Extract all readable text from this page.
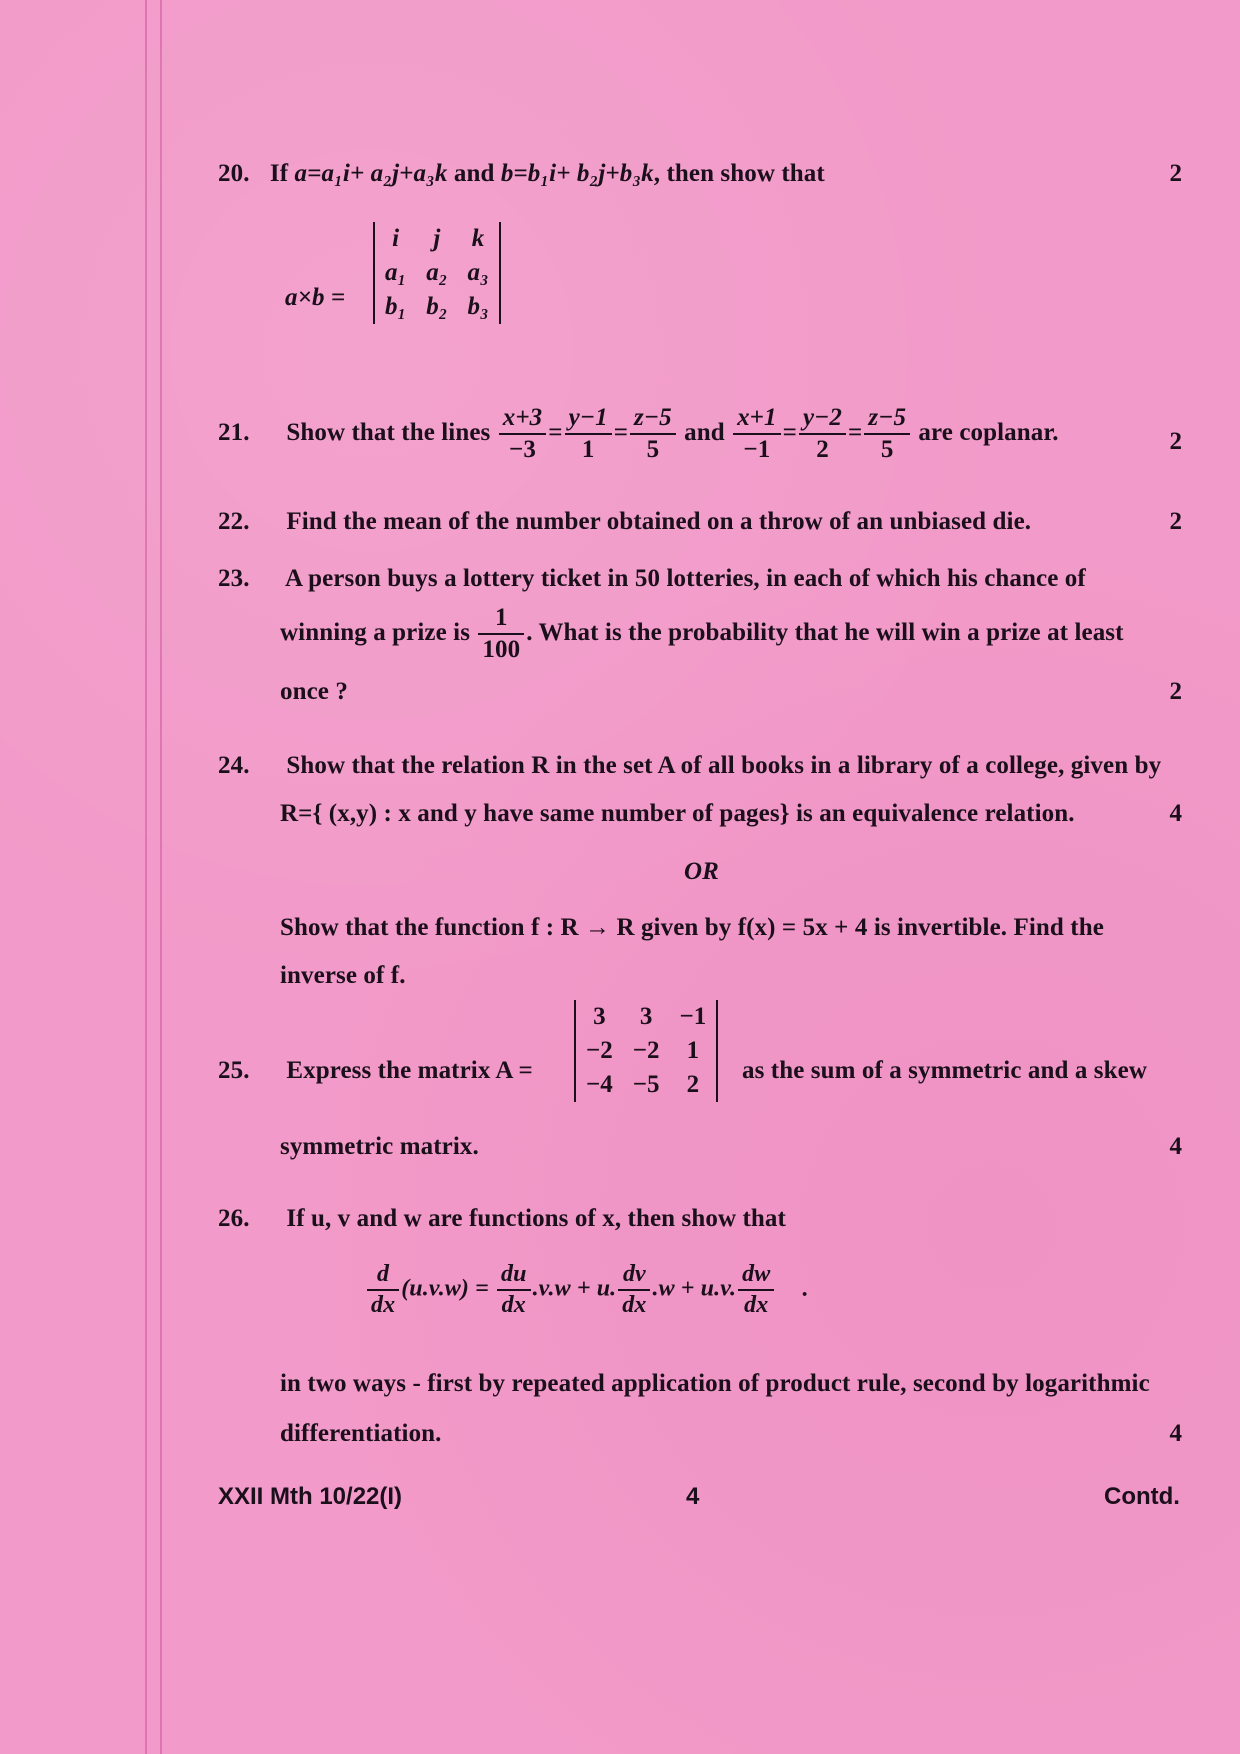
20. If a=a₁i+ a₂j+a₃k and b=b₁i+ b₂j+b₃k, then show that	2
a×b =
i	j	k
a₁	a₂	a₃
b₁	b₂	b₃
21. Show that the lines $\frac{x+3}{-3} = \frac{y-1}{1} = \frac{z-5}{5}$ and $\frac{x+1}{-1} = \frac{y-2}{2} = \frac{z-5}{5}$ are coplanar.	2
22. Find the mean of the number obtained on a throw of an unbiased die.	2
23. A person buys a lottery ticket in 50 lotteries, in each of which his chance of
winning a prize is $\frac{1}{100}$ . What is the probability that he will win a prize at least
once ?	2
24. Show that the relation R in the set A of all books in a library of a college, given by
R={ (x,y) : x and y have same number of pages} is an equivalence relation.	4
OR
Show that the function f : R → R given by f(x) = 5x + 4 is invertible. Find the
inverse of f.
25. Express the matrix A =
3	3	−1
−2	−2	1
−4	−5	2
as the sum of a symmetric and a skew
symmetric matrix.	4
26. If u, v and w are functions of x, then show that
$\frac{d}{dx} (u.v.w) = \frac{du}{dx} .v.w + u$. $\frac{dv}{dx} .w + u.v$. $\frac{dw}{dx}$ .
in two ways - first by repeated application of product rule, second by logarithmic
differentiation.	4
XXII Mth 10/22(I)	4	Contd.
